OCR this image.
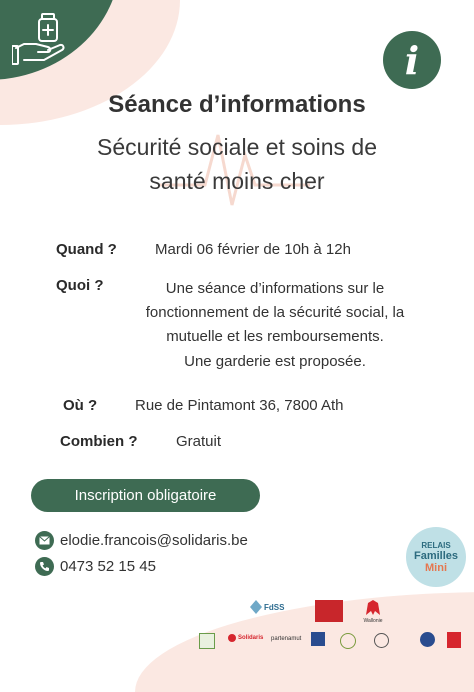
i
Séance d’informations
Sécurité sociale et soins de
santé moins cher
Quand ?	Mardi 06 février de 10h à 12h
Quoi ?	Une séance d’informations sur le
fonctionnement de la sécurité social, la
mutuelle et les remboursements.
Une garderie est proposée.
Où ?	Rue de Pintamont 36, 7800 Ath
Combien ?	Gratuit
Inscription obligatoire
elodie.francois@solidaris.be
0473 52 15 45
RELAIS
Familles
Mini
FdSS
Wallonie
Solidaris partenamut
